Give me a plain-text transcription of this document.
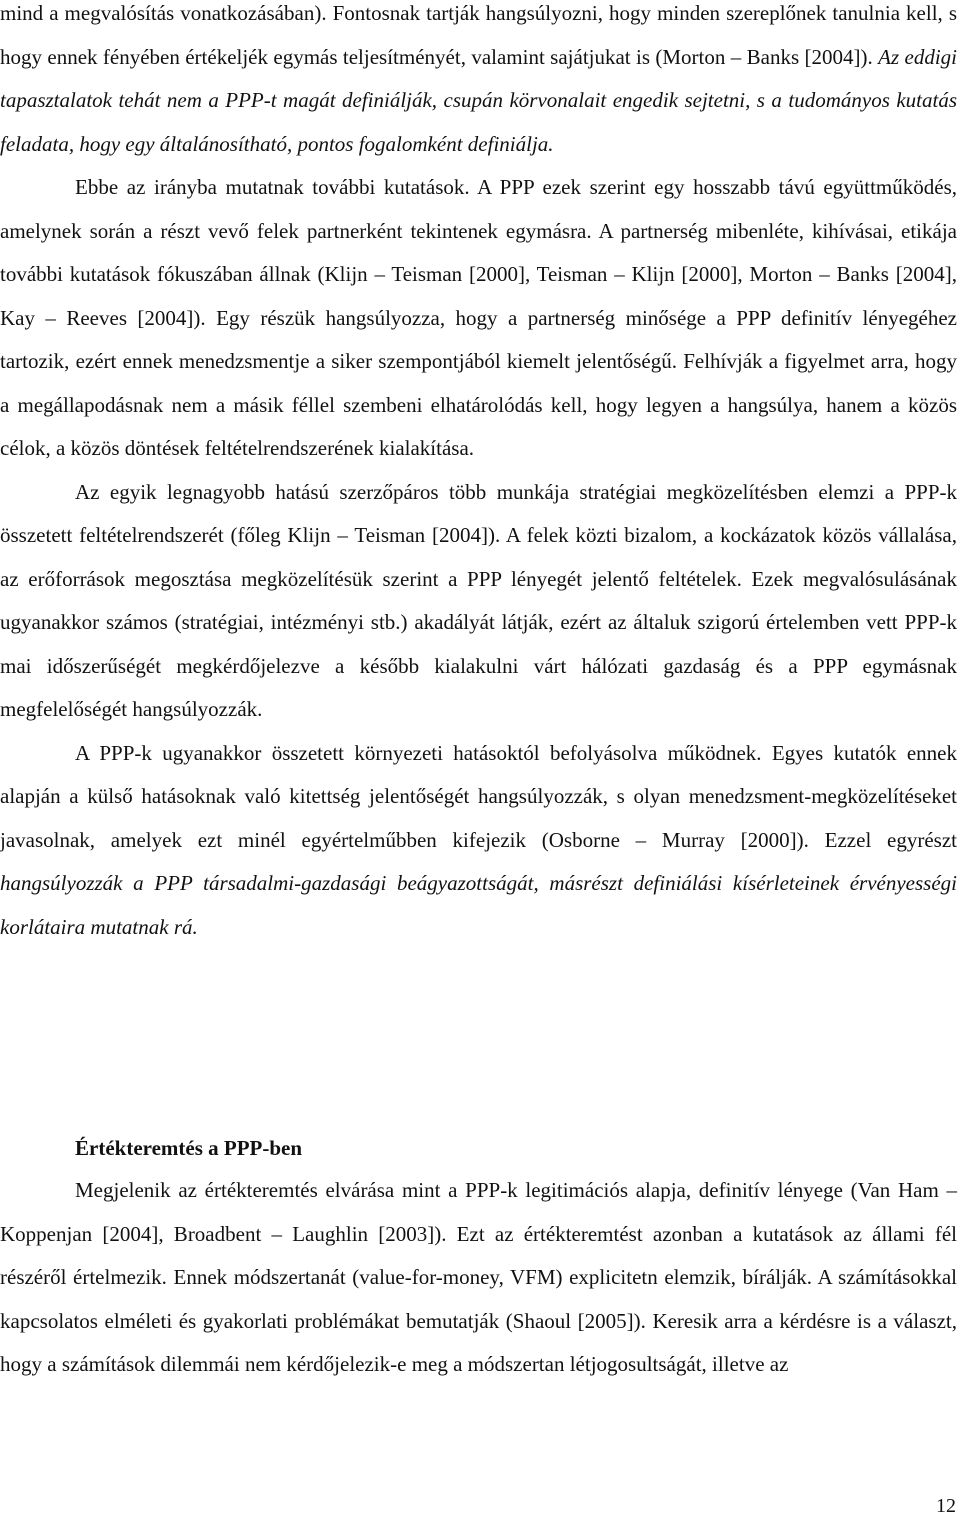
mind a megvalósítás vonatkozásában). Fontosnak tartják hangsúlyozni, hogy minden szereplőnek tanulnia kell, s hogy ennek fényében értékeljék egymás teljesítményét, valamint sajátjukat is (Morton – Banks [2004]). Az eddigi tapasztalatok tehát nem a PPP-t magát definiálják, csupán körvonalait engedik sejtetni, s a tudományos kutatás feladata, hogy egy általánosítható, pontos fogalomként definiálja.

Ebbe az irányba mutatnak további kutatások. A PPP ezek szerint egy hosszabb távú együttműködés, amelynek során a részt vevő felek partnerként tekintenek egymásra. A partnerség mibenléte, kihívásai, etikája további kutatások fókuszában állnak (Klijn – Teisman [2000], Teisman – Klijn [2000], Morton – Banks [2004], Kay – Reeves [2004]). Egy részük hangsúlyozza, hogy a partnerség minősége a PPP definitív lényegéhez tartozik, ezért ennek menedzsmentje a siker szempontjából kiemelt jelentőségű. Felhívják a figyelmet arra, hogy a megállapodásnak nem a másik féllel szembeni elhatárolódás kell, hogy legyen a hangsúlya, hanem a közös célok, a közös döntések feltételrendszerének kialakítása.

Az egyik legnagyobb hatású szerzőpáros több munkája stratégiai megközelítésben elemzi a PPP-k összetett feltételrendszerét (főleg Klijn – Teisman [2004]). A felek közti bizalom, a kockázatok közös vállalása, az erőforrások megosztása megközelítésük szerint a PPP lényegét jelentő feltételek. Ezek megvalósulásának ugyanakkor számos (stratégiai, intézményi stb.) akadályát látják, ezért az általuk szigorú értelemben vett PPP-k mai időszerűségét megkérdőjelezve a később kialakulni várt hálózati gazdaság és a PPP egymásnak megfelelőségét hangsúlyozzák.

A PPP-k ugyanakkor összetett környezeti hatásoktól befolyásolva működnek. Egyes kutatók ennek alapján a külső hatásoknak való kitettség jelentőségét hangsúlyozzák, s olyan menedzsment-megközelítéseket javasolnak, amelyek ezt minél egyértelműbben kifejezik (Osborne – Murray [2000]). Ezzel egyrészt hangsúlyozzák a PPP társadalmi-gazdasági beágyazottságát, másrészt definiálási kísérleteinek érvényességi korlátaira mutatnak rá.

Értékteremtés a PPP-ben

Megjelenik az értékteremtés elvárása mint a PPP-k legitimációs alapja, definitív lényege (Van Ham – Koppenjan [2004], Broadbent – Laughlin [2003]). Ezt az értékteremtést azonban a kutatások az állami fél részéről értelmezik. Ennek módszertanát (value-for-money, VFM) explicitetn elemzik, bírálják. A számításokkal kapcsolatos elméleti és gyakorlati problémákat bemutatják (Shaoul [2005]). Keresik arra a kérdésre is a választ, hogy a számítások dilemmái nem kérdőjelezik-e meg a módszertan létjogosultságát, illetve az

12
